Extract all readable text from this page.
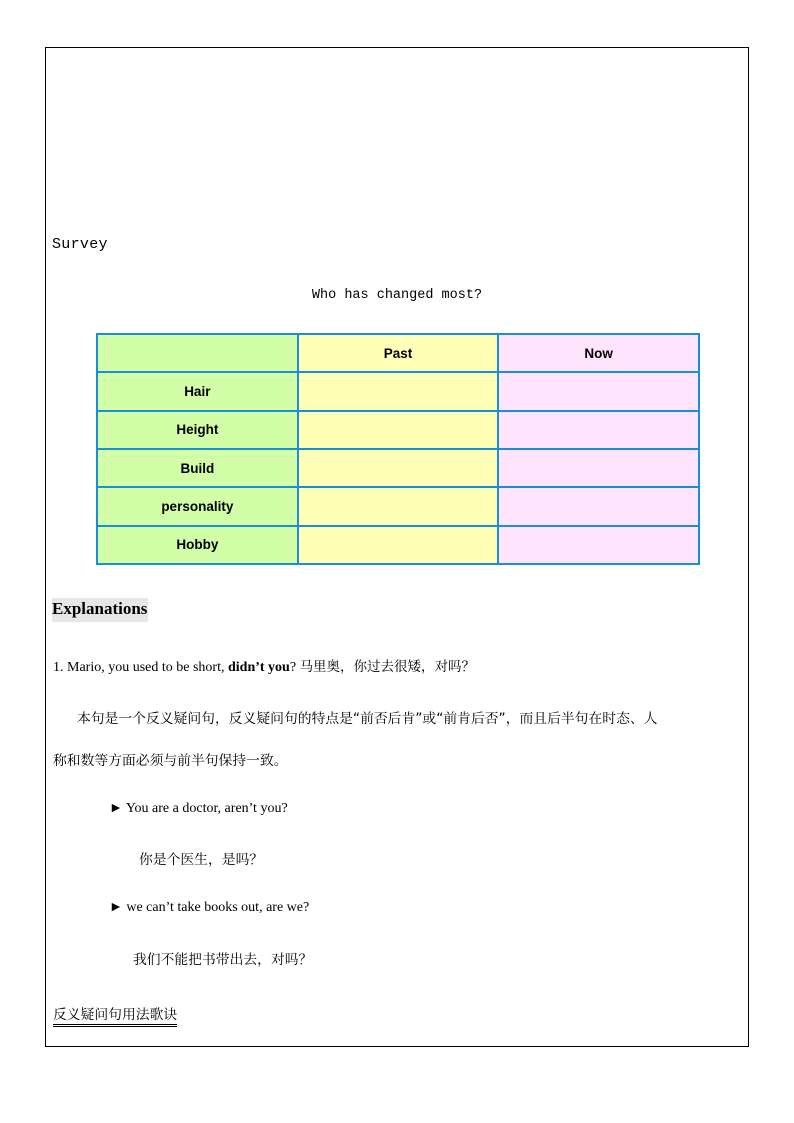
Survey
Who has changed most?
	Past	Now
Hair		
Height		
Build		
personality		
Hobby		
Explanations
1. Mario, you used to be short, didn’t you? 马里奥，你过去很矮，对吗？
本句是一个反义疑问句，反义疑问句的特点是“前否后肯”或“前肯后否”，而且后半句在时态、人
称和数等方面必须与前半句保持一致。
► You are a doctor, aren’t you?
你是个医生，是吗？
► we can’t take books out, are we?
我们不能把书带出去，对吗？
反义疑问句用法歌诀
